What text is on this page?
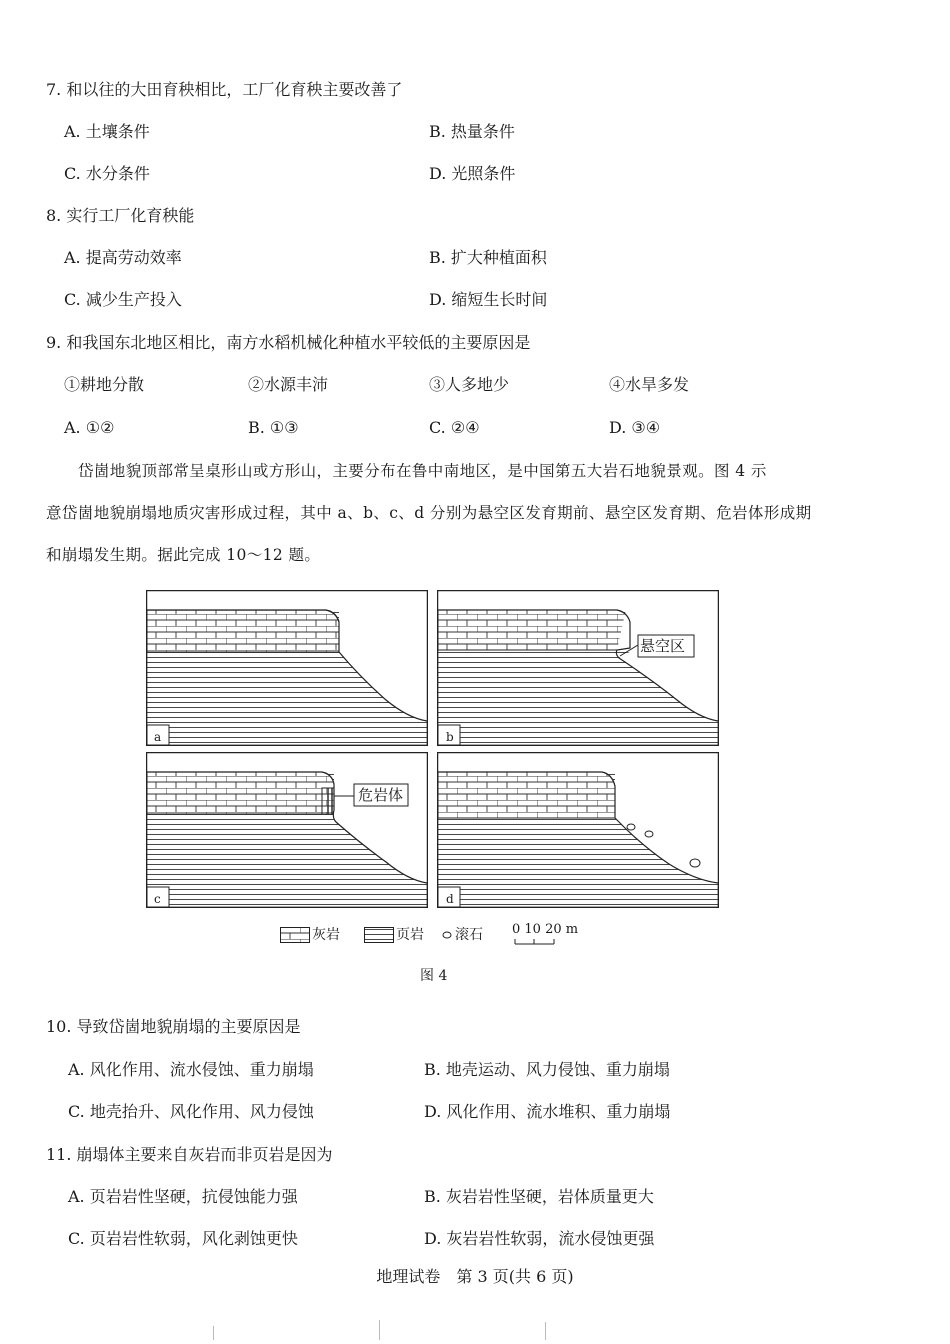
7. 和以往的大田育秧相比，工厂化育秧主要改善了
A. 土壤条件	B. 热量条件
C. 水分条件	D. 光照条件
8. 实行工厂化育秧能
A. 提高劳动效率	B. 扩大种植面积
C. 减少生产投入	D. 缩短生长时间
9. 和我国东北地区相比，南方水稻机械化种植水平较低的主要原因是
①耕地分散	②水源丰沛	③人多地少	④水旱多发
A. ①②	B. ①③	C. ②④	D. ③④
岱崮地貌顶部常呈桌形山或方形山，主要分布在鲁中南地区，是中国第五大岩石地貌景观。图 4 示
意岱崮地貌崩塌地质灾害形成过程，其中 a、b、c、d 分别为悬空区发育期前、悬空区发育期、危岩体形成期
和崩塌发生期。据此完成 10～12 题。
a
悬空区
b
危岩体
c	d
灰岩	页岩 滚石 0 10 20 m
图 4
10. 导致岱崮地貌崩塌的主要原因是
A. 风化作用、流水侵蚀、重力崩塌	B. 地壳运动、风力侵蚀、重力崩塌
C. 地壳抬升、风化作用、风力侵蚀	D. 风化作用、流水堆积、重力崩塌
11. 崩塌体主要来自灰岩而非页岩是因为
A. 页岩岩性坚硬，抗侵蚀能力强	B. 灰岩岩性坚硬，岩体质量更大
C. 页岩岩性软弱，风化剥蚀更快	D. 灰岩岩性软弱，流水侵蚀更强
地理试卷　第 3 页(共 6 页)
